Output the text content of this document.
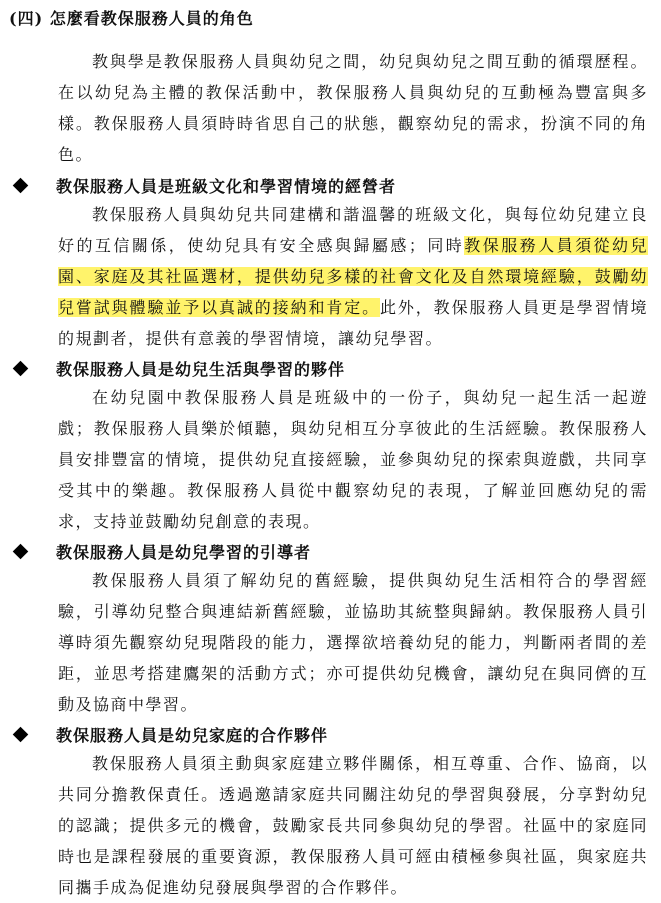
(四) 怎麼看教保服務人員的角色

教與學是教保服務人員與幼兒之間，幼兒與幼兒之間互動的循環歷程。在以幼兒為主體的教保活動中，教保服務人員與幼兒的互動極為豐富與多樣。教保服務人員須時時省思自己的狀態，觀察幼兒的需求，扮演不同的角色。

教保服務人員是班級文化和學習情境的經營者

教保服務人員與幼兒共同建構和諧溫馨的班級文化，與每位幼兒建立良好的互信關係，使幼兒具有安全感與歸屬感；同時教保服務人員須從幼兒園、家庭及其社區選材，提供幼兒多樣的社會文化及自然環境經驗，鼓勵幼兒嘗試與體驗並予以真誠的接納和肯定。此外，教保服務人員更是學習情境的規劃者，提供有意義的學習情境，讓幼兒學習。

教保服務人員是幼兒生活與學習的夥伴

在幼兒園中教保服務人員是班級中的一份子，與幼兒一起生活一起遊戲；教保服務人員樂於傾聽，與幼兒相互分享彼此的生活經驗。教保服務人員安排豐富的情境，提供幼兒直接經驗，並參與幼兒的探索與遊戲，共同享受其中的樂趣。教保服務人員從中觀察幼兒的表現，了解並回應幼兒的需求，支持並鼓勵幼兒創意的表現。

教保服務人員是幼兒學習的引導者

教保服務人員須了解幼兒的舊經驗，提供與幼兒生活相符合的學習經驗，引導幼兒整合與連結新舊經驗，並協助其統整與歸納。教保服務人員引導時須先觀察幼兒現階段的能力，選擇欲培養幼兒的能力，判斷兩者間的差距，並思考搭建鷹架的活動方式；亦可提供幼兒機會，讓幼兒在與同儕的互動及協商中學習。

教保服務人員是幼兒家庭的合作夥伴

教保服務人員須主動與家庭建立夥伴關係，相互尊重、合作、協商，以共同分擔教保責任。透過邀請家庭共同關注幼兒的學習與發展，分享對幼兒的認識；提供多元的機會，鼓勵家長共同參與幼兒的學習。社區中的家庭同時也是課程發展的重要資源，教保服務人員可經由積極參與社區，與家庭共同攜手成為促進幼兒發展與學習的合作夥伴。
